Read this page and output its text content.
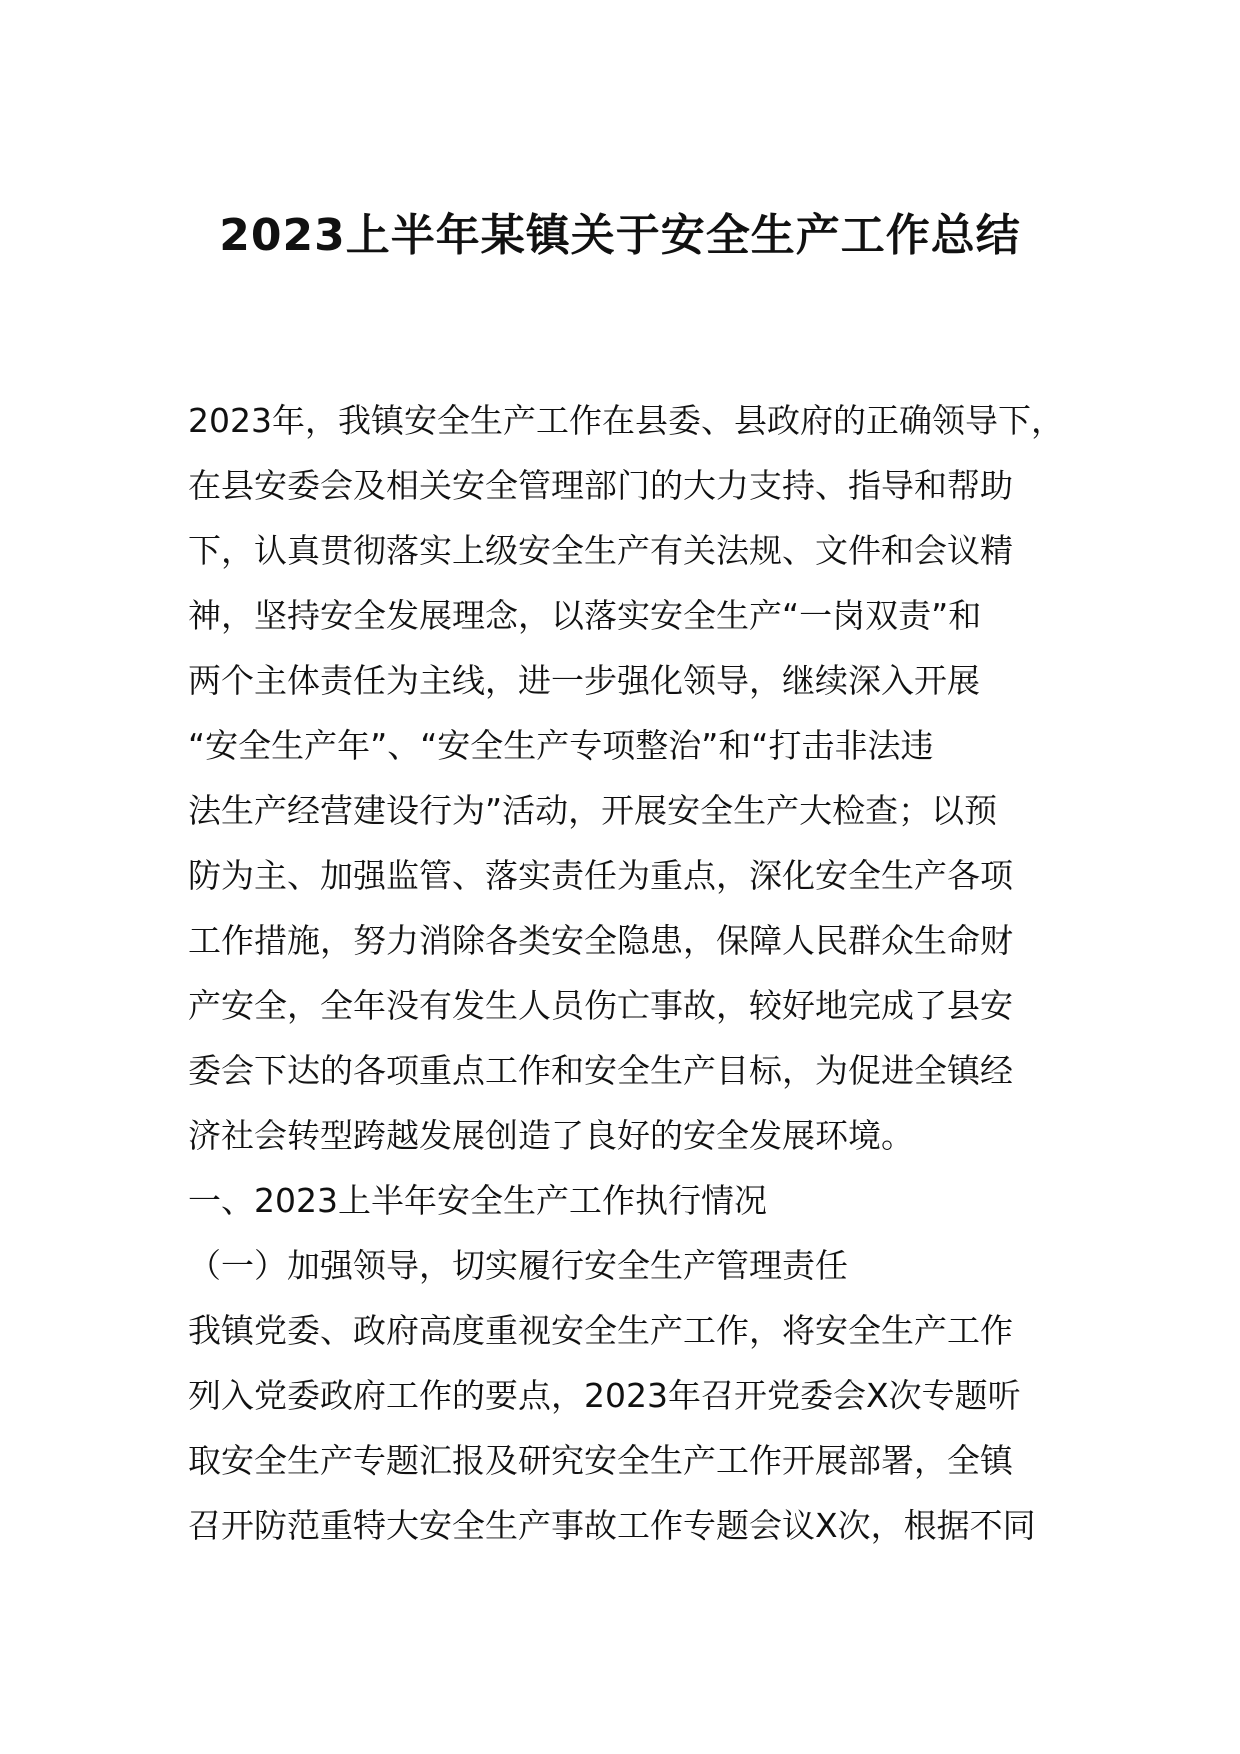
2023上半年某镇关于安全生产工作总结
2023年，我镇安全生产工作在县委、县政府的正确领导下，
在县安委会及相关安全管理部门的大力支持、指导和帮助
下，认真贯彻落实上级安全生产有关法规、文件和会议精
神，坚持安全发展理念，以落实安全生产“一岗双责”和
两个主体责任为主线，进一步强化领导，继续深入开展
“安全生产年”、“安全生产专项整治”和“打击非法违
法生产经营建设行为”活动，开展安全生产大检查；以预
防为主、加强监管、落实责任为重点，深化安全生产各项
工作措施，努力消除各类安全隐患，保障人民群众生命财
产安全，全年没有发生人员伤亡事故，较好地完成了县安
委会下达的各项重点工作和安全生产目标，为促进全镇经
济社会转型跨越发展创造了良好的安全发展环境。
一、2023上半年安全生产工作执行情况
（一）加强领导，切实履行安全生产管理责任
我镇党委、政府高度重视安全生产工作，将安全生产工作
列入党委政府工作的要点，2023年召开党委会X次专题听
取安全生产专题汇报及研究安全生产工作开展部署，全镇
召开防范重特大安全生产事故工作专题会议X次，根据不同
